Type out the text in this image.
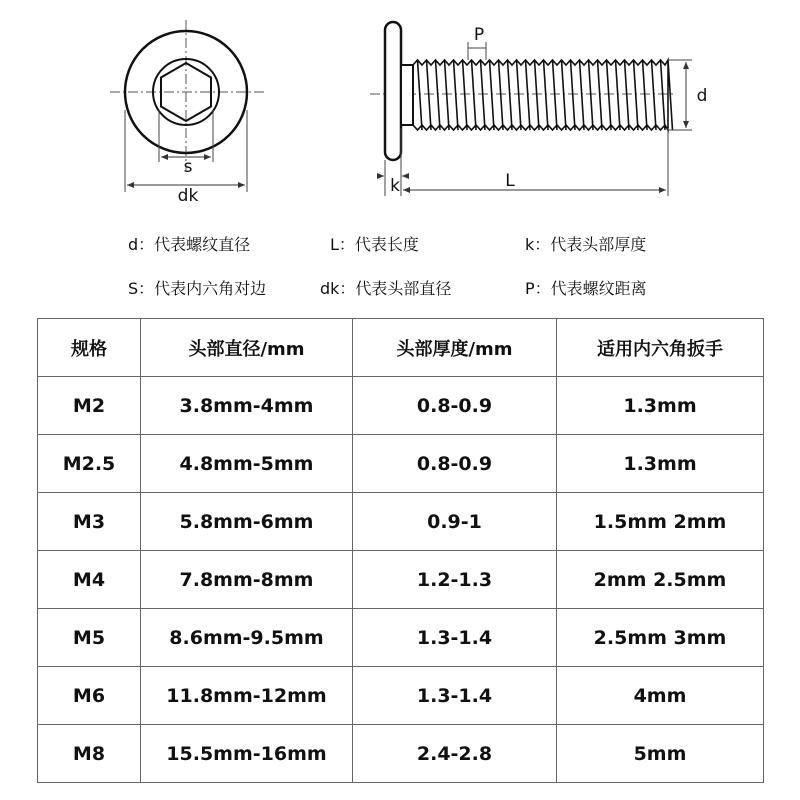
s
dk
P
d
k	L
d：代表螺纹直径	L：代表长度	k：代表头部厚度
S：代表内六角对边	dk：代表头部直径	P：代表螺纹距离
规格	头部直径/mm	头部厚度/mm	适用内六角扳手
M2	3.8mm-4mm	0.8-0.9	1.3mm
M2.5	4.8mm-5mm	0.8-0.9	1.3mm
M3	5.8mm-6mm	0.9-1	1.5mm 2mm
M4	7.8mm-8mm	1.2-1.3	2mm 2.5mm
M5	8.6mm-9.5mm	1.3-1.4	2.5mm 3mm
M6	11.8mm-12mm	1.3-1.4	4mm
M8	15.5mm-16mm	2.4-2.8	5mm
